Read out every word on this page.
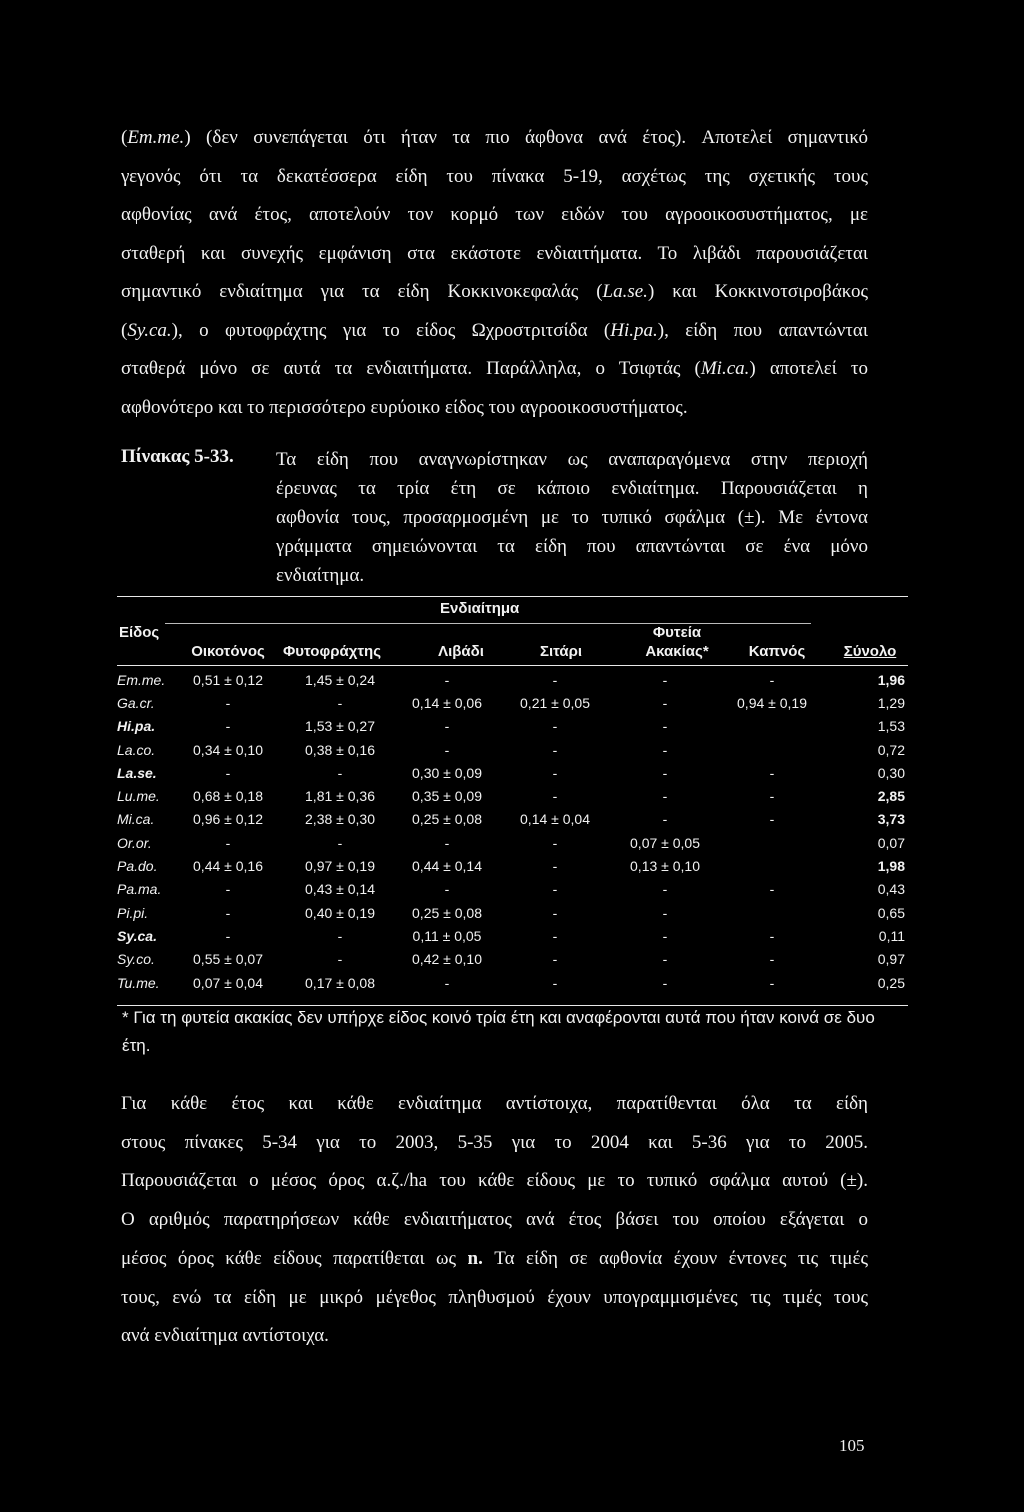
(Em.me.) (δεν συνεπάγεται ότι ήταν τα πιο άφθονα ανά έτος). Αποτελεί σημαντικό

γεγονός ότι τα δεκατέσσερα είδη του πίνακα 5-19, ασχέτως της σχετικής τους

αφθονίας ανά έτος, αποτελούν τον κορμό των ειδών του αγροοικοσυστήματος, με

σταθερή και συνεχής εμφάνιση στα εκάστοτε ενδιαιτήματα. Το λιβάδι παρουσιάζεται

σημαντικό ενδιαίτημα για τα είδη Κοκκινοκεφαλάς (La.se.) και Κοκκινοτσιροβάκος

(Sy.ca.), ο φυτοφράχτης για το είδος Ωχροστριτσίδα (Hi.pa.), είδη που απαντώνται

σταθερά μόνο σε αυτά τα ενδιαιτήματα. Παράλληλα, ο Τσιφτάς (Mi.ca.) αποτελεί το

αφθονότερο και το περισσότερο ευρύοικο είδος του αγροοικοσυστήματος.

Πίνακας 5-33. Τα είδη που αναγνωρίστηκαν ως αναπαραγόμενα στην περιοχή

έρευνας τα τρία έτη σε κάποιο ενδιαίτημα. Παρουσιάζεται η

αφθονία τους, προσαρμοσμένη με το τυπικό σφάλμα (±). Με έντονα

γράμματα σημειώνονται τα είδη που απαντώνται σε ένα μόνο

ενδιαίτημα.

Είδος
Ενδιαίτημα
Οικοτόνος	Φυτοφράχτης	Λιβάδι	Σιτάρι
Φυτεία
Ακακίας*	Καπνός	Σύνολο
Em.me.	0,51 ± 0,12	1,45 ± 0,24	-	-	-	-	1,96
Ga.cr.	-	-	0,14 ± 0,06	0,21 ± 0,05	-	0,94 ± 0,19	1,29
Hi.pa.	-	1,53 ± 0,27	-	-	-		1,53
La.co.	0,34 ± 0,10	0,38 ± 0,16	-	-	-		0,72
La.se.	-	-	0,30 ± 0,09	-	-	-	0,30
Lu.me.	0,68 ± 0,18	1,81 ± 0,36	0,35 ± 0,09	-	-	-	2,85
Mi.ca.	0,96 ± 0,12	2,38 ± 0,30	0,25 ± 0,08	0,14 ± 0,04	-	-	3,73
Or.or.	-	-	-	-	0,07 ± 0,05		0,07
Pa.do.	0,44 ± 0,16	0,97 ± 0,19	0,44 ± 0,14	-	0,13 ± 0,10		1,98
Pa.ma.	-	0,43 ± 0,14	-	-	-	-	0,43
Pi.pi.	-	0,40 ± 0,19	0,25 ± 0,08	-	-		0,65
Sy.ca.	-	-	0,11 ± 0,05	-	-	-	0,11
Sy.co.	0,55 ± 0,07	-	0,42 ± 0,10	-	-	-	0,97
Tu.me.	0,07 ± 0,04	0,17 ± 0,08	-	-	-	-	0,25

* Για τη φυτεία ακακίας δεν υπήρχε είδος κοινό τρία έτη και αναφέρονται αυτά που ήταν κοινά σε δυο έτη.

Για κάθε έτος και κάθε ενδιαίτημα αντίστοιχα, παρατίθενται όλα τα είδη

στους πίνακες 5-34 για το 2003, 5-35 για το 2004 και 5-36 για το 2005.

Παρουσιάζεται ο μέσος όρος α.ζ./ha του κάθε είδους με το τυπικό σφάλμα αυτού (±).

Ο αριθμός παρατηρήσεων κάθε ενδιαιτήματος ανά έτος βάσει του οποίου εξάγεται ο

μέσος όρος κάθε είδους παρατίθεται ως n. Τα είδη σε αφθονία έχουν έντονες τις τιμές

τους, ενώ τα είδη με μικρό μέγεθος πληθυσμού έχουν υπογραμμισμένες τις τιμές τους

ανά ενδιαίτημα αντίστοιχα.

105
